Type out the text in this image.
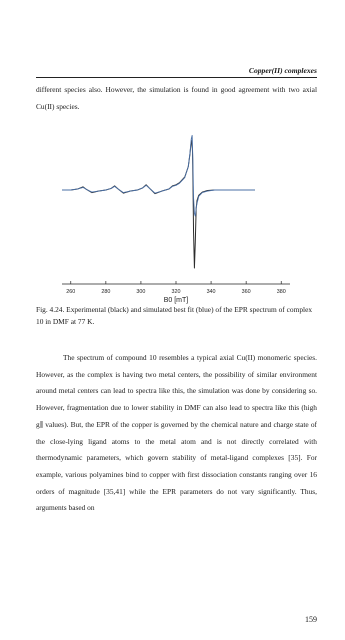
Copper(II) complexes

different species also. However, the simulation is found in good agreement with two axial Cu(II) species.

260	280	300	320	340	360	380
B0 [mT]

Fig. 4.24. Experimental (black) and simulated best fit (blue) of the EPR spectrum of complex 10 in DMF at 77 K.

The spectrum of compound 10 resembles a typical axial Cu(II) monomeric species. However, as the complex is having two metal centers, the possibility of similar environment around metal centers can lead to spectra like this, the simulation was done by considering so. However, fragmentation due to lower stability in DMF can also lead to spectra like this (high g∥ values). But, the EPR of the copper is governed by the chemical nature and charge state of the close-lying ligand atoms to the metal atom and is not directly correlated with thermodynamic parameters, which govern stability of metal-ligand complexes [35]. For example, various polyamines bind to copper with first dissociation constants ranging over 16 orders of magnitude [35,41] while the EPR parameters do not vary significantly. Thus, arguments based on

159
